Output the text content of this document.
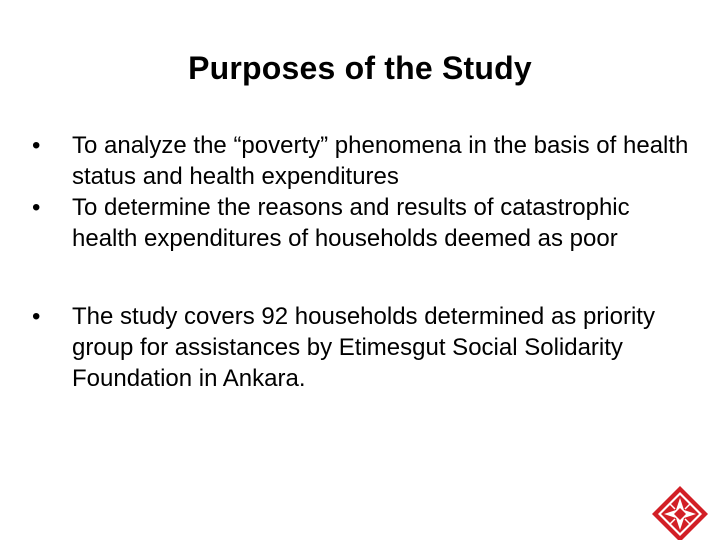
Purposes of the Study
•	To analyze the “poverty” phenomena in the basis of health status and health expenditures
•	To determine the reasons and results of catastrophic health expenditures of households deemed as poor
•	The study covers 92 households determined as priority group for assistances by Etimesgut Social Solidarity Foundation in Ankara.
